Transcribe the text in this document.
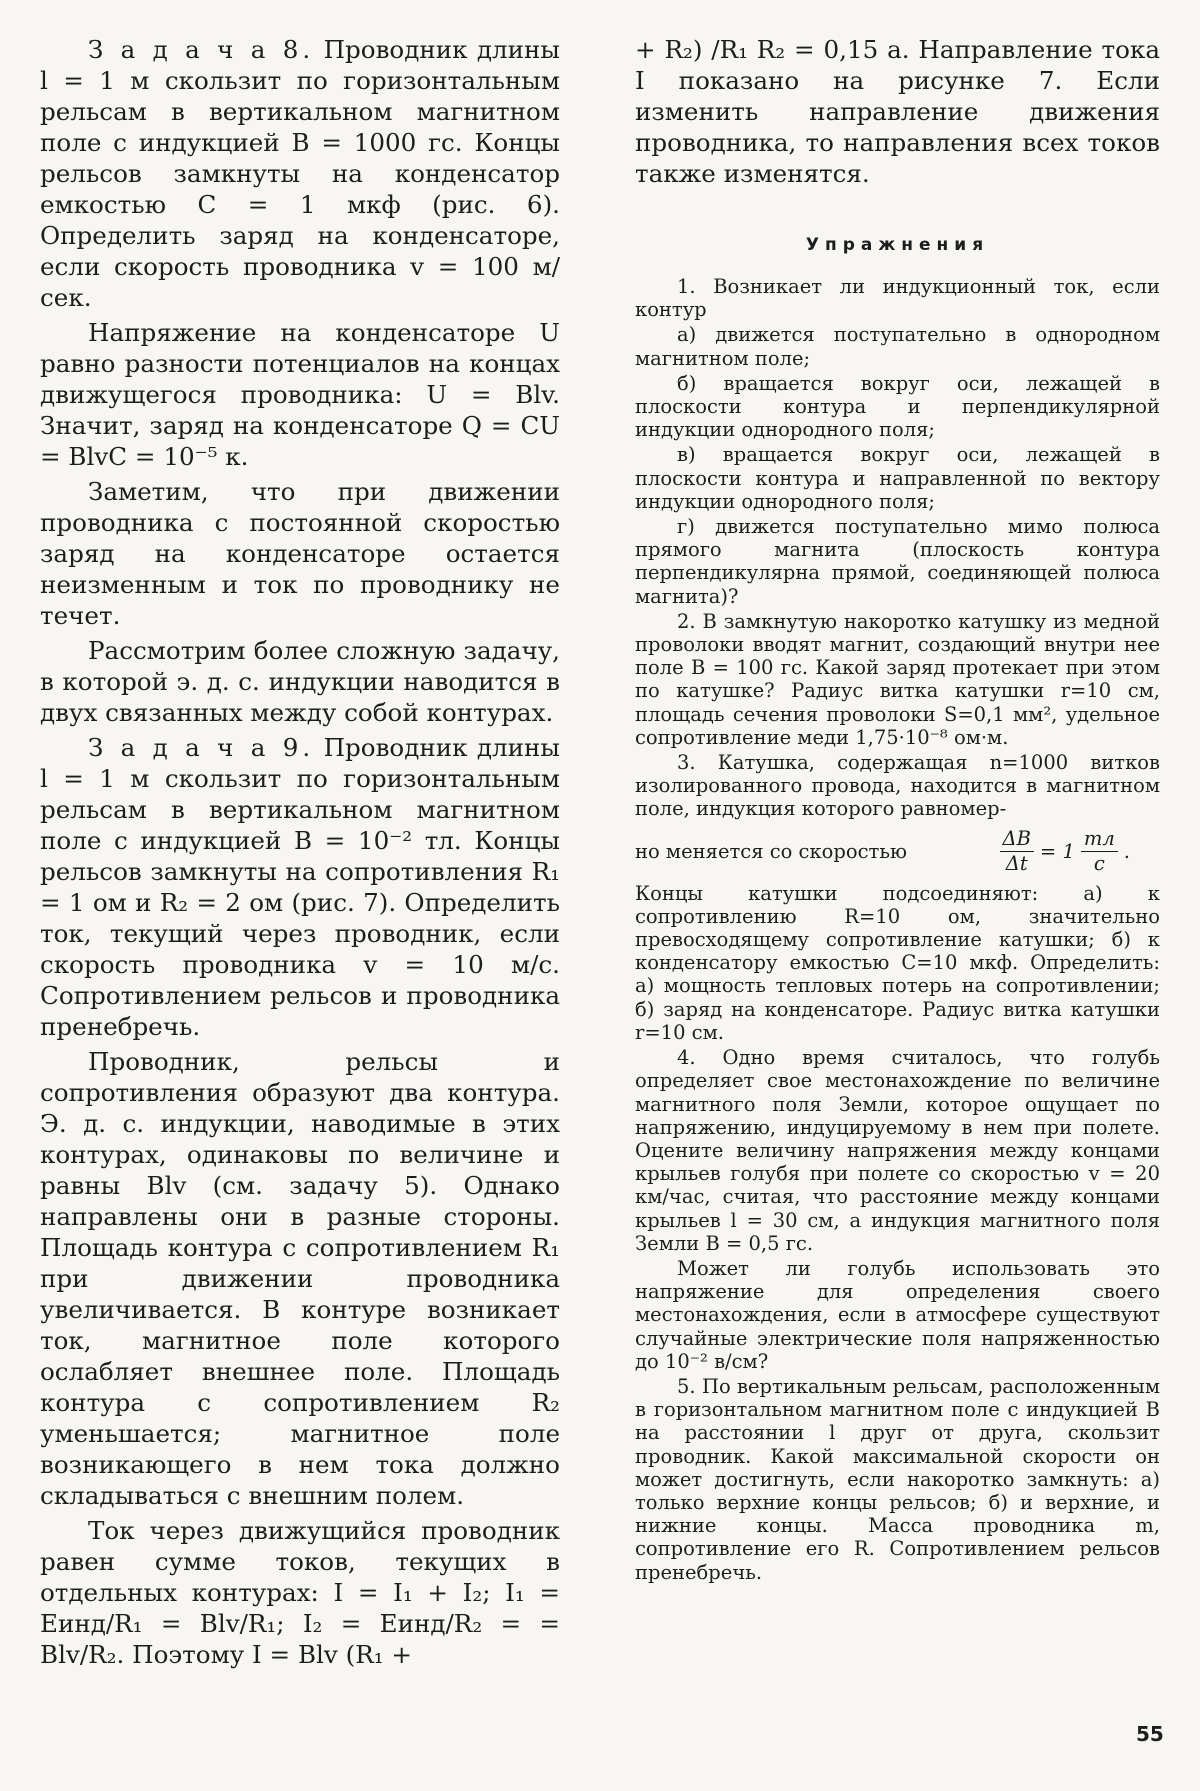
З а д а ч а 8. Проводник длины l = 1 м скользит по горизонтальным рельсам в вертикальном магнитном поле с индукцией B = 1000 гс. Концы рельсов замкнуты на конденсатор емкостью C = 1 мкф (рис. 6). Определить заряд на конденсаторе, если скорость проводника v = 100 м/сек.

Напряжение на конденсаторе U равно разности потенциалов на концах движущегося проводника: U = Blv. Значит, заряд на конденсаторе Q = CU = BlvC = 10⁻⁵ к.

Заметим, что при движении проводника с постоянной скоростью заряд на конденсаторе остается неизменным и ток по проводнику не течет.

Рассмотрим более сложную задачу, в которой э. д. с. индукции наводится в двух связанных между собой контурах.

З а д а ч а 9. Проводник длины l = 1 м скользит по горизонтальным рельсам в вертикальном магнитном поле с индукцией B = 10⁻² тл. Концы рельсов замкнуты на сопротивления R₁ = 1 ом и R₂ = 2 ом (рис. 7). Определить ток, текущий через проводник, если скорость проводника v = 10 м/с. Сопротивлением рельсов и проводника пренебречь.

Проводник, рельсы и сопротивления образуют два контура. Э. д. с. индукции, наводимые в этих контурах, одинаковы по величине и равны Blv (см. задачу 5). Однако направлены они в разные стороны. Площадь контура с сопротивлением R₁ при движении проводника увеличивается. В контуре возникает ток, магнитное поле которого ослабляет внешнее поле. Площадь контура с сопротивлением R₂ уменьшается; магнитное поле возникающего в нем тока должно складываться с внешним полем.

Ток через движущийся проводник равен сумме токов, текущих в отдельных контурах: I = I₁ + I₂; I₁ = Eинд/R₁ = Blv/R₁; I₂ = Eинд/R₂ = = Blv/R₂. Поэтому I = Blv (R₁ +

+ R₂) /R₁ R₂ = 0,15 а. Направление тока I показано на рисунке 7. Если изменить направление движения проводника, то направления всех токов также изменятся.

Упражнения

1. Возникает ли индукционный ток, если контур

а) движется поступательно в однородном магнитном поле;

б) вращается вокруг оси, лежащей в плоскости контура и перпендикулярной индукции однородного поля;

в) вращается вокруг оси, лежащей в плоскости контура и направленной по вектору индукции однородного поля;

г) движется поступательно мимо полюса прямого магнита (плоскость контура перпендикулярна прямой, соединяющей полюса магнита)?

2. В замкнутую накоротко катушку из медной проволоки вводят магнит, создающий внутри нее поле B = 100 гс. Какой заряд протекает при этом по катушке? Радиус витка катушки r=10 см, площадь сечения проволоки S=0,1 мм², удельное сопротивление меди 1,75·10⁻⁸ ом·м.

3. Катушка, содержащая n=1000 витков изолированного провода, находится в магнитном поле, индукция которого равномер-

но меняется со скоростью	$\frac{\Delta B}{\Delta t} = 1 \frac{тл}{с}$ .

Концы катушки подсоединяют: а) к сопротивлению R=10 ом, значительно превосходящему сопротивление катушки; б) к конденсатору емкостью C=10 мкф. Определить: а) мощность тепловых потерь на сопротивлении; б) заряд на конденсаторе. Радиус витка катушки r=10 см.

4. Одно время считалось, что голубь определяет свое местонахождение по величине магнитного поля Земли, которое ощущает по напряжению, индуцируемому в нем при полете. Оцените величину напряжения между концами крыльев голубя при полете со скоростью v = 20 км/час, считая, что расстояние между концами крыльев l = 30 см, а индукция магнитного поля Земли B = 0,5 гс.

Может ли голубь использовать это напряжение для определения своего местонахождения, если в атмосфере существуют случайные электрические поля напряженностью до 10⁻² в/см?

5. По вертикальным рельсам, расположенным в горизонтальном магнитном поле с индукцией B на расстоянии l друг от друга, скользит проводник. Какой максимальной скорости он может достигнуть, если накоротко замкнуть: а) только верхние концы рельсов; б) и верхние, и нижние концы. Масса проводника m, сопротивление его R. Сопротивлением рельсов пренебречь.

55
